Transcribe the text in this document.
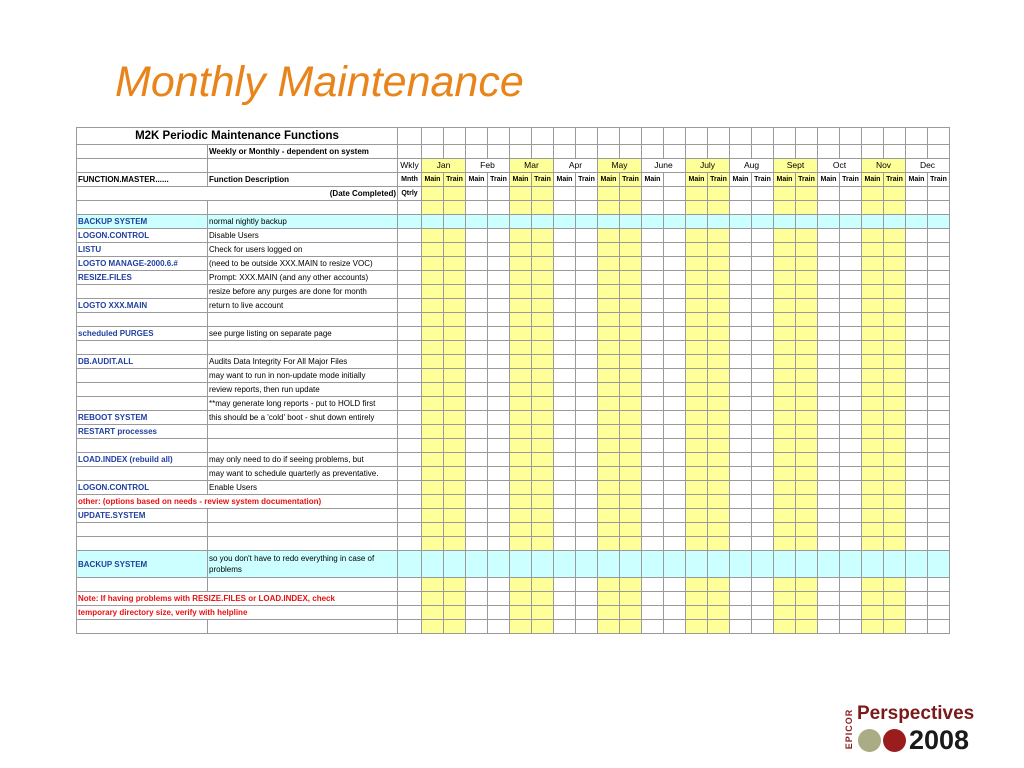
Monthly Maintenance
M2K Periodic Maintenance Functions																										
	Weekly or Monthly - dependent on system																									
		Wkly	Jan		Feb		Mar		Apr		May		June		July		Aug		Sept		Oct		Nov		Dec	
FUNCTION.MASTER......	Function Description	Mnth	Main	Train	Main	Train	Main	Train	Main	Train	Main	Train	Main		Main	Train	Main	Train	Main	Train	Main	Train	Main	Train	Main	Train
(Date Completed)		Qtrly																								

BACKUP SYSTEM	normal nightly backup																									
LOGON.CONTROL	Disable Users																									
LISTU	Check for users logged on																									
LOGTO MANAGE-2000.6.#	(need to be outside XXX.MAIN to resize VOC)																									
RESIZE.FILES	Prompt: XXX.MAIN (and any other accounts)																									
	resize before any purges are done for month																									
LOGTO XXX.MAIN	return to live account																									

scheduled PURGES	see purge listing on separate page																									

DB.AUDIT.ALL	Audits Data Integrity For All Major Files																									
	may want to run in non-update mode initially																									
	review reports, then run update																									
	**may generate long reports - put to HOLD first																									
REBOOT SYSTEM	this should be a 'cold' boot - shut down entirely																									
RESTART processes																										

LOAD.INDEX (rebuild all)	may only need to do if seeing problems, but																									
	may want to schedule quarterly as preventative.																									
LOGON.CONTROL	Enable Users																									
other: (options based on needs - review system documentation)																										
UPDATE.SYSTEM																										

BACKUP SYSTEM	so you don't have to redo everything in case of problems																									

Note: If having problems with RESIZE.FILES or LOAD.INDEX, check																										
temporary directory size, verify with helpline																										

EPICOR Perspectives
2008
